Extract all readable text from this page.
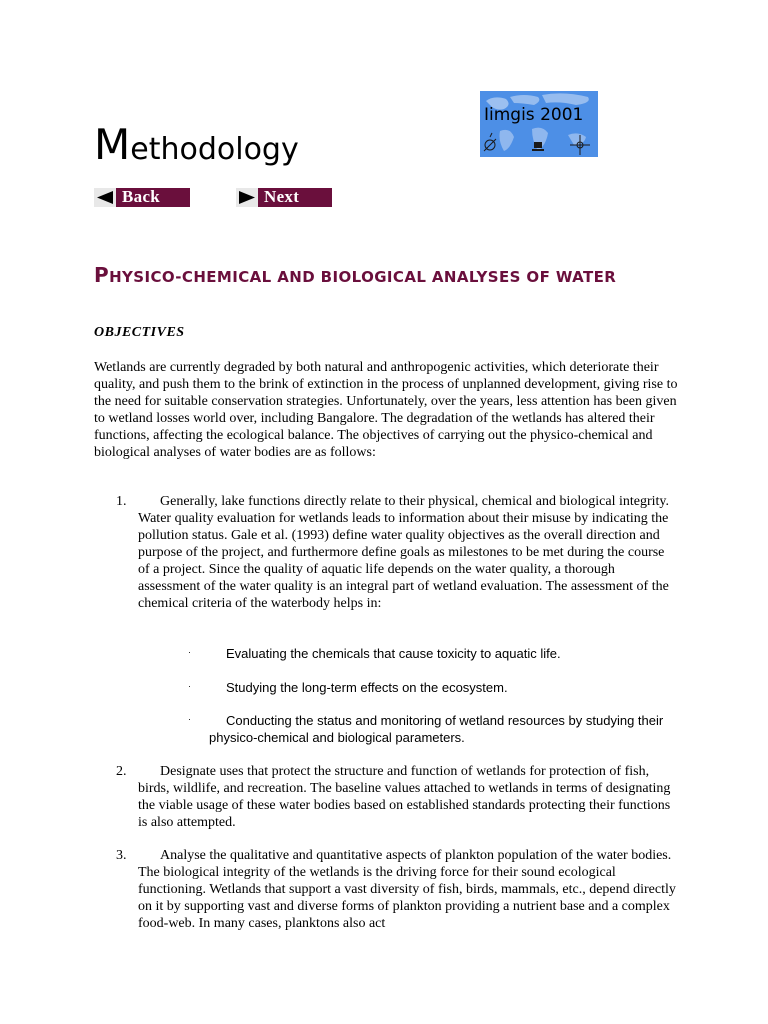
Methodology
Iimgis 2001
Back	Next
PHYSICO-CHEMICAL AND BIOLOGICAL ANALYSES OF WATER
OBJECTIVES
Wetlands are currently degraded by both natural and anthropogenic activities, which deteriorate their quality, and push them to the brink of extinction in the process of unplanned development, giving rise to the need for suitable conservation strategies. Unfortunately, over the years, less attention has been given to wetland losses world over, including Bangalore. The degradation of the wetlands has altered their functions, affecting the ecological balance. The objectives of carrying out the physico-chemical and biological analyses of water bodies are as follows:
1. Generally, lake functions directly relate to their physical, chemical and biological integrity. Water quality evaluation for wetlands leads to information about their misuse by indicating the pollution status. Gale et al. (1993) define water quality objectives as the overall direction and purpose of the project, and furthermore define goals as milestones to be met during the course of a project. Since the quality of aquatic life depends on the water quality, a thorough assessment of the water quality is an integral part of wetland evaluation. The assessment of the chemical criteria of the waterbody helps in:
·	Evaluating the chemicals that cause toxicity to aquatic life.
·	Studying the long-term effects on the ecosystem.
·	Conducting the status and monitoring of wetland resources by studying their physico-chemical and biological parameters.
2. Designate uses that protect the structure and function of wetlands for protection of fish, birds, wildlife, and recreation. The baseline values attached to wetlands in terms of designating the viable usage of these water bodies based on established standards protecting their functions is also attempted.
3. Analyse the qualitative and quantitative aspects of plankton population of the water bodies. The biological integrity of the wetlands is the driving force for their sound ecological functioning. Wetlands that support a vast diversity of fish, birds, mammals, etc., depend directly on it by supporting vast and diverse forms of plankton providing a nutrient base and a complex food-web. In many cases, planktons also act
